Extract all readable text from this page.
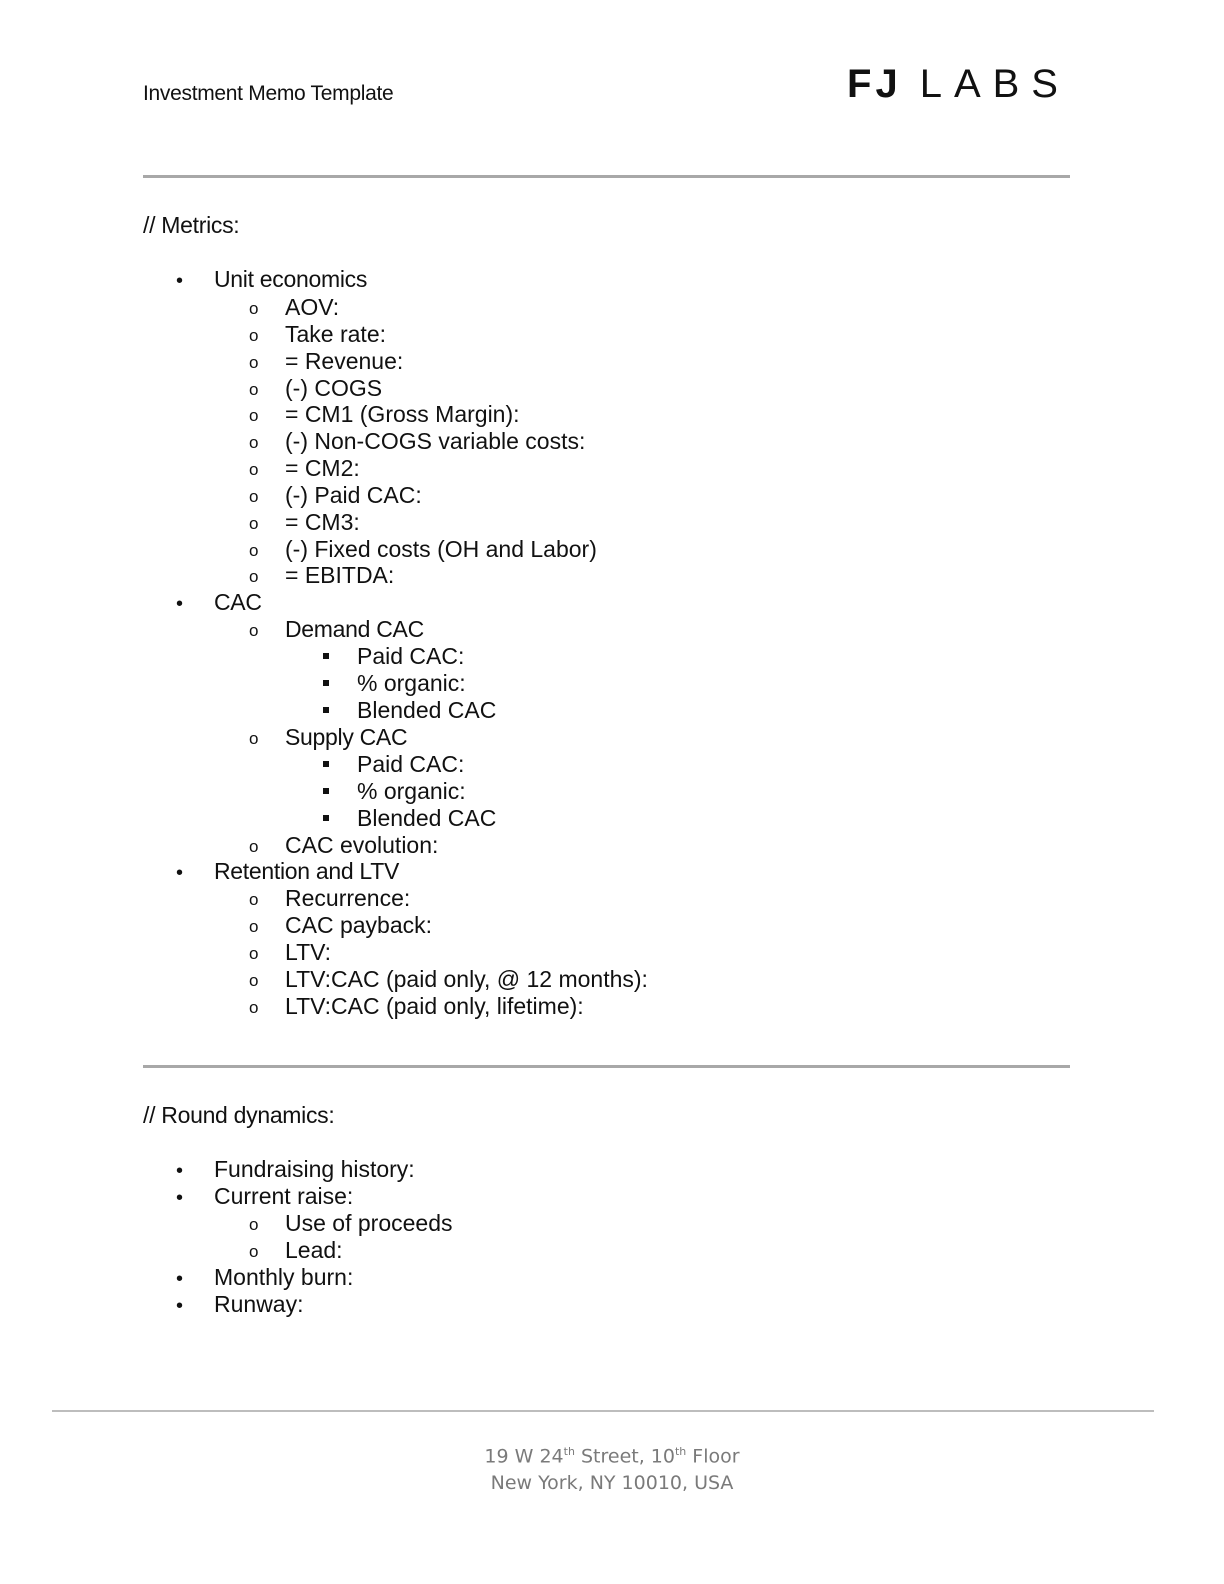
Investment Memo Template	FJ LABS
// Metrics:
• Unit economics
o AOV:
o Take rate:
o = Revenue:
o (-) COGS
o = CM1 (Gross Margin):
o (-) Non-COGS variable costs:
o = CM2:
o (-) Paid CAC:
o = CM3:
o (-) Fixed costs (OH and Labor)
o = EBITDA:
• CAC
o Demand CAC
Paid CAC:
% organic:
Blended CAC
o Supply CAC
Paid CAC:
% organic:
Blended CAC
o CAC evolution:
• Retention and LTV
o Recurrence:
o CAC payback:
o LTV:
o LTV:CAC (paid only, @ 12 months):
o LTV:CAC (paid only, lifetime):
// Round dynamics:
• Fundraising history:
• Current raise:
o Use of proceeds
o Lead:
• Monthly burn:
• Runway:
19 W 24th Street, 10th Floor
New York, NY 10010, USA
